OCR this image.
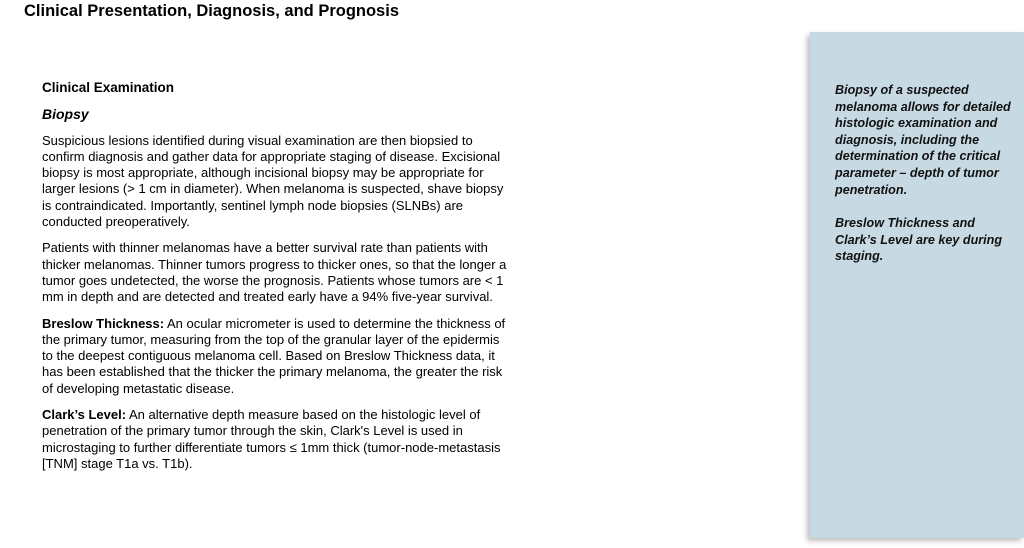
Clinical Presentation, Diagnosis, and Prognosis
Clinical Examination
Biopsy

Suspicious lesions identified during visual examination are then biopsied to confirm diagnosis and gather data for appropriate staging of disease. Excisional biopsy is most appropriate, although incisional biopsy may be appropriate for larger lesions (> 1 cm in diameter). When melanoma is suspected, shave biopsy is contraindicated. Importantly, sentinel lymph node biopsies (SLNBs) are conducted preoperatively.

Patients with thinner melanomas have a better survival rate than patients with thicker melanomas. Thinner tumors progress to thicker ones, so that the longer a tumor goes undetected, the worse the prognosis. Patients whose tumors are < 1 mm in depth and are detected and treated early have a 94% five-year survival.

Breslow Thickness: An ocular micrometer is used to determine the thickness of the primary tumor, measuring from the top of the granular layer of the epidermis to the deepest contiguous melanoma cell. Based on Breslow Thickness data, it has been established that the thicker the primary melanoma, the greater the risk of developing metastatic disease.

Clark’s Level: An alternative depth measure based on the histologic level of penetration of the primary tumor through the skin, Clark's Level is used in microstaging to further differentiate tumors ≤ 1mm thick (tumor-node-metastasis [TNM] stage T1a vs. T1b).

Biopsy of a suspected melanoma allows for detailed histologic examination and diagnosis, including the determination of the critical parameter – depth of tumor penetration.

Breslow Thickness and Clark’s Level are key during staging.
